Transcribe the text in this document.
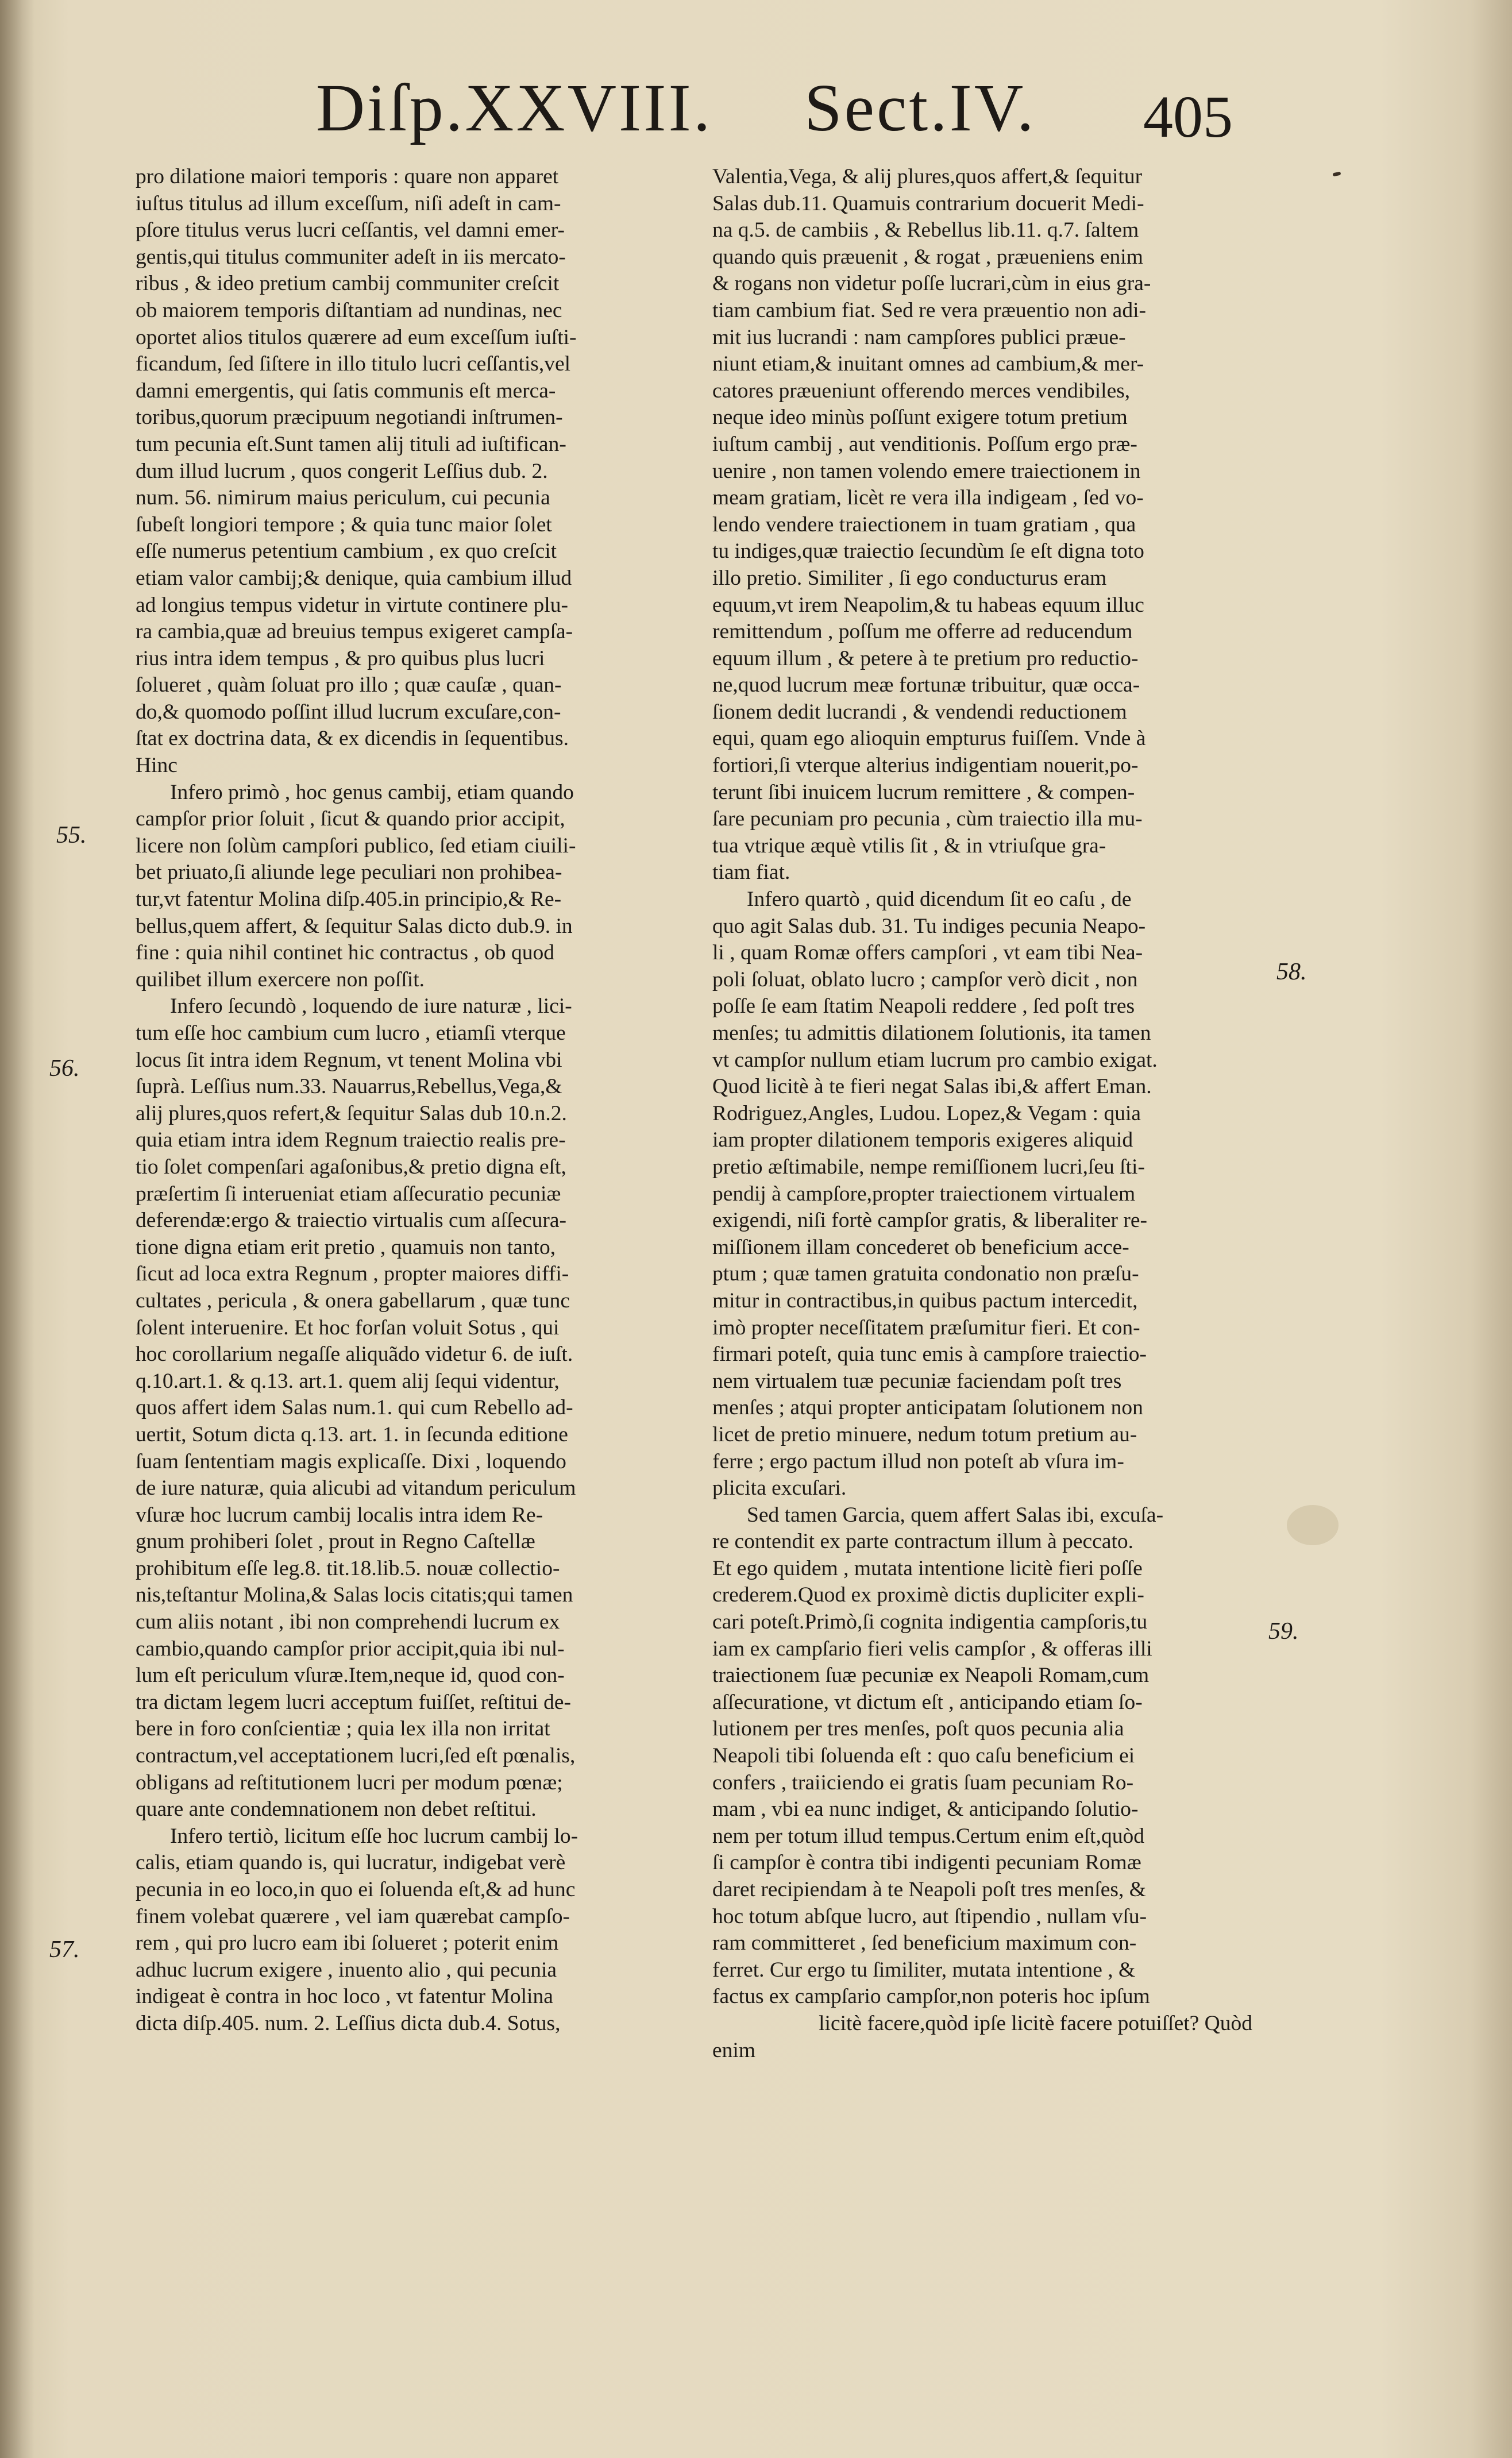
Diſp.XXVIII. Sect.IV. 405
pro dilatione maiori temporis : quare non apparet
iuſtus titulus ad illum exceſſum, niſi adeſt in cam-
pſore titulus verus lucri ceſſantis, vel damni emer-
gentis,qui titulus communiter adeſt in iis mercato-
ribus , & ideo pretium cambij communiter creſcit
ob maiorem temporis diſtantiam ad nundinas, nec
oportet alios titulos quærere ad eum exceſſum iuſti-
ficandum, ſed ſiſtere in illo titulo lucri ceſſantis,vel
damni emergentis, qui ſatis communis eſt merca-
toribus,quorum præcipuum negotiandi inſtrumen-
tum pecunia eſt.Sunt tamen alij tituli ad iuſtifican-
dum illud lucrum , quos congerit Leſſius dub. 2.
num. 56. nimirum maius periculum, cui pecunia
ſubeſt longiori tempore ; & quia tunc maior ſolet
eſſe numerus petentium cambium , ex quo creſcit
etiam valor cambij;& denique, quia cambium illud
ad longius tempus videtur in virtute continere plu-
ra cambia,quæ ad breuius tempus exigeret campſa-
rius intra idem tempus , & pro quibus plus lucri
ſolueret , quàm ſoluat pro illo ; quæ cauſæ , quan-
do,& quomodo poſſint illud lucrum excuſare,con-
ſtat ex doctrina data, & ex dicendis in ſequentibus.
Hinc
Infero primò , hoc genus cambij, etiam quando
campſor prior ſoluit , ſicut & quando prior accipit,
licere non ſolùm campſori publico, ſed etiam ciuili-
bet priuato,ſi aliunde lege peculiari non prohibea-
tur,vt fatentur Molina diſp.405.in principio,& Re-
bellus,quem affert, & ſequitur Salas dicto dub.9. in
fine : quia nihil continet hic contractus , ob quod
quilibet illum exercere non poſſit.
Infero ſecundò , loquendo de iure naturæ , lici-
tum eſſe hoc cambium cum lucro , etiamſi vterque
locus ſit intra idem Regnum, vt tenent Molina vbi
ſuprà. Leſſius num.33. Nauarrus,Rebellus,Vega,&
alij plures,quos refert,& ſequitur Salas dub 10.n.2.
quia etiam intra idem Regnum traiectio realis pre-
tio ſolet compenſari agaſonibus,& pretio digna eſt,
præſertim ſi interueniat etiam aſſecuratio pecuniæ
deferendæ:ergo & traiectio virtualis cum aſſecura-
tione digna etiam erit pretio , quamuis non tanto,
ſicut ad loca extra Regnum , propter maiores diffi-
cultates , pericula , & onera gabellarum , quæ tunc
ſolent interuenire. Et hoc forſan voluit Sotus , qui
hoc corollarium negaſſe aliquãdo videtur 6. de iuſt.
q.10.art.1. & q.13. art.1. quem alij ſequi videntur,
quos affert idem Salas num.1. qui cum Rebello ad-
uertit, Sotum dicta q.13. art. 1. in ſecunda editione
ſuam ſententiam magis explicaſſe. Dixi , loquendo
de iure naturæ, quia alicubi ad vitandum periculum
vſuræ hoc lucrum cambij localis intra idem Re-
gnum prohiberi ſolet , prout in Regno Caſtellæ
prohibitum eſſe leg.8. tit.18.lib.5. nouæ collectio-
nis,teſtantur Molina,& Salas locis citatis;qui tamen
cum aliis notant , ibi non comprehendi lucrum ex
cambio,quando campſor prior accipit,quia ibi nul-
lum eſt periculum vſuræ.Item,neque id, quod con-
tra dictam legem lucri acceptum fuiſſet, reſtitui de-
bere in foro conſcientiæ ; quia lex illa non irritat
contractum,vel acceptationem lucri,ſed eſt pœnalis,
obligans ad reſtitutionem lucri per modum pœnæ;
quare ante condemnationem non debet reſtitui.
Infero tertiò, licitum eſſe hoc lucrum cambij lo-
calis, etiam quando is, qui lucratur, indigebat verè
pecunia in eo loco,in quo ei ſoluenda eſt,& ad hunc
finem volebat quærere , vel iam quærebat campſo-
rem , qui pro lucro eam ibi ſolueret ; poterit enim
adhuc lucrum exigere , inuento alio , qui pecunia
indigeat è contra in hoc loco , vt fatentur Molina
dicta diſp.405. num. 2. Leſſius dicta dub.4. Sotus,
Valentia,Vega, & alij plures,quos affert,& ſequitur
Salas dub.11. Quamuis contrarium docuerit Medi-
na q.5. de cambiis , & Rebellus lib.11. q.7. ſaltem
quando quis præuenit , & rogat , præueniens enim
& rogans non videtur poſſe lucrari,cùm in eius gra-
tiam cambium fiat. Sed re vera præuentio non adi-
mit ius lucrandi : nam campſores publici præue-
niunt etiam,& inuitant omnes ad cambium,& mer-
catores præueniunt offerendo merces vendibiles,
neque ideo minùs poſſunt exigere totum pretium
iuſtum cambij , aut venditionis. Poſſum ergo præ-
uenire , non tamen volendo emere traiectionem in
meam gratiam, licèt re vera illa indigeam , ſed vo-
lendo vendere traiectionem in tuam gratiam , qua
tu indiges,quæ traiectio ſecundùm ſe eſt digna toto
illo pretio. Similiter , ſi ego conducturus eram
equum,vt irem Neapolim,& tu habeas equum illuc
remittendum , poſſum me offerre ad reducendum
equum illum , & petere à te pretium pro reductio-
ne,quod lucrum meæ fortunæ tribuitur, quæ occa-
ſionem dedit lucrandi , & vendendi reductionem
equi, quam ego alioquin empturus fuiſſem. Vnde à
fortiori,ſi vterque alterius indigentiam nouerit,po-
terunt ſibi inuicem lucrum remittere , & compen-
ſare pecuniam pro pecunia , cùm traiectio illa mu-
tua vtrique æquè vtilis ſit , & in vtriuſque gra-
tiam fiat.
Infero quartò , quid dicendum ſit eo caſu , de
quo agit Salas dub. 31. Tu indiges pecunia Neapo-
li , quam Romæ offers campſori , vt eam tibi Nea-
poli ſoluat, oblato lucro ; campſor verò dicit , non
poſſe ſe eam ſtatim Neapoli reddere , ſed poſt tres
menſes; tu admittis dilationem ſolutionis, ita tamen
vt campſor nullum etiam lucrum pro cambio exigat.
Quod licitè à te fieri negat Salas ibi,& affert Eman.
Rodriguez,Angles, Ludou. Lopez,& Vegam : quia
iam propter dilationem temporis exigeres aliquid
pretio æſtimabile, nempe remiſſionem lucri,ſeu ſti-
pendij à campſore,propter traiectionem virtualem
exigendi, niſi fortè campſor gratis, & liberaliter re-
miſſionem illam concederet ob beneficium acce-
ptum ; quæ tamen gratuita condonatio non præſu-
mitur in contractibus,in quibus pactum intercedit,
imò propter neceſſitatem præſumitur fieri. Et con-
firmari poteſt, quia tunc emis à campſore traiectio-
nem virtualem tuæ pecuniæ faciendam poſt tres
menſes ; atqui propter anticipatam ſolutionem non
licet de pretio minuere, nedum totum pretium au-
ferre ; ergo pactum illud non poteſt ab vſura im-
plicita excuſari.
Sed tamen Garcia, quem affert Salas ibi, excuſa-
re contendit ex parte contractum illum à peccato.
Et ego quidem , mutata intentione licitè fieri poſſe
crederem.Quod ex proximè dictis dupliciter expli-
cari poteſt.Primò,ſi cognita indigentia campſoris,tu
iam ex campſario fieri velis campſor , & offeras illi
traiectionem ſuæ pecuniæ ex Neapoli Romam,cum
aſſecuratione, vt dictum eſt , anticipando etiam ſo-
lutionem per tres menſes, poſt quos pecunia alia
Neapoli tibi ſoluenda eſt : quo caſu beneficium ei
confers , traiiciendo ei gratis ſuam pecuniam Ro-
mam , vbi ea nunc indiget, & anticipando ſolutio-
nem per totum illud tempus.Certum enim eſt,quòd
ſi campſor è contra tibi indigenti pecuniam Romæ
daret recipiendam à te Neapoli poſt tres menſes, &
hoc totum abſque lucro, aut ſtipendio , nullam vſu-
ram committeret , ſed beneficium maximum con-
ferret. Cur ergo tu ſimiliter, mutata intentione , &
factus ex campſario campſor,non poteris hoc ipſum
licitè facere,quòd ipſe licitè facere potuiſſet? Quòd
enim
55.
56.
57.
58.
59.
